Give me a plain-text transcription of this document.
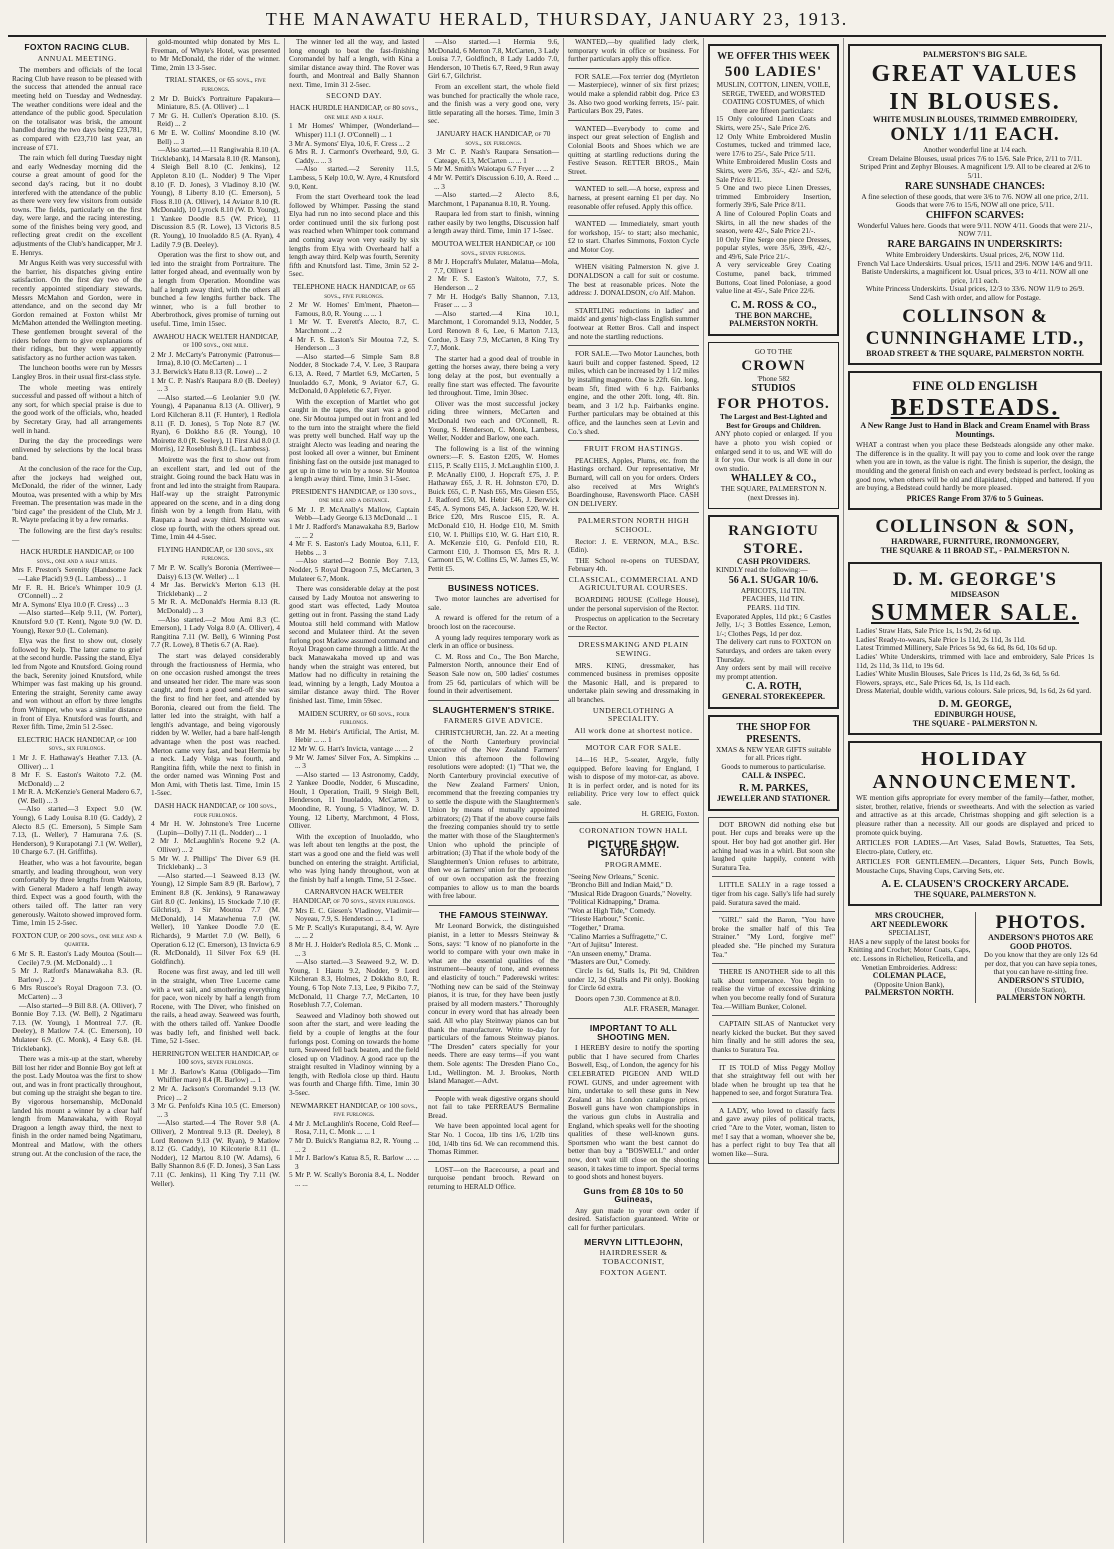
THE MANAWATU HERALD, THURSDAY, JANUARY 23, 1913.
FOXTON RACING CLUB.
ANNUAL MEETING.

The members and officials of the local Racing Club have reason to be pleased with the success that attended the annual race meeting held on Tuesday and Wednesday. The weather conditions were ideal and the attendance of the public good. Speculation on the totalisator was brisk, the amount handled during the two days being £23,781, as compared with £23,710 last year, an increase of £71.

The rain which fell during Tuesday night and early Wednesday morning did the course a great amount of good for the second day's racing, but it no doubt interfered with the attendance of the public as there were very few visitors from outside towns. The fields, particularly on the first day, were large, and the racing interesting, some of the finishes being very good, and reflecting great credit on the excellent adjustments of the Club's handicapper, Mr J. E. Henrys.

Mr Angus Keith was very successful with the barrier, his dispatches giving entire satisfaction. On the first day two of the recently appointed stipendiary stewards, Messrs McMahon and Gordon, were in attendance, and on the second day Mr Gordon remained at Foxton whilst Mr McMahon attended the Wellington meeting. These gentlemen brought several of the riders before them to give explanations of their ridings, but they were apparently satisfactory as no further action was taken.

The luncheon booths were run by Messrs Langley Bros. in their usual first-class style.

The whole meeting was entirely successful and passed off without a hitch of any sort, for which special praise is due to the good work of the officials, who, headed by Secretary Gray, had all arrangements well in hand.

During the day the proceedings were enlivened by selections by the local brass band.

At the conclusion of the race for the Cup, after the jockeys had weighed out, McDonald, the rider of the winner, Lady Moutoa, was presented with a whip by Mrs Freeman. The presentation was made in the "bird cage" the president of the Club, Mr J. R. Wayte prefacing it by a few remarks.

The following are the first day's results:—

HACK HURDLE HANDICAP, of 100 sovs., one and a half miles.

Mrs F. Preston's Serenity (Handsome Jack—Lake Placid) 9.9 (L. Lambess) ... 1

Mr F. R. H. Brice's Whimper 10.9 (J. O'Connell) ... 2

Mr A. Symons' Elya 10.0 (F. Cress) ... 3

—Also started—Kelp 9.11, (W. Porter), Knutsford 9.0 (T. Kent), Ngote 9.0 (W. D. Young), Rexer 9.0 (L. Coleman).

Elya was the first to show out, closely followed by Kelp. The latter came to grief at the second hurdle. Passing the stand, Elya led from Ngote and Knutsford. Going round the back, Serenity joined Knutsford, while Whimper was fast making up his ground. Entering the straight, Serenity came away and won without an effort by three lengths from Whimper, who was a similar distance in front of Elya. Knutsford was fourth, and Rexer fifth. Time, 2min 51 2-5sec.

ELECTRIC HACK HANDICAP, of 100 sovs., six furlongs.

1 Mr J. F. Hathaway's Heather 7.13. (A. Olliver) ... 1

8 Mr F. S. Easton's Waitoto 7.2. (M. McDonald) ... 2

1 Mr R. A. McKenzie's General Madero 6.7, (W. Bell) ... 3

—Also started—3 Expect 9.0 (W. Young), 6 Lady Louisa 8.10 (G. Caddy), 2 Alecto 8.5 (C. Emerson), 5 Simple Sam 7.13, (L. Weller), 7 Hamurana 7.6. (S. Henderson), 9 Kurapotangi 7.1 (W. Weller), 10 Charge 6.7. (H. Griffiths).

Heather, who was a hot favourite, began smartly, and leading throughout, won very comfortably by three lengths from Waitoto, with General Madero a half length away third. Expect was a good fourth, with the others tailed off. The latter ran very generously. Waitoto showed improved form. Time, 1min 15 2-5sec.

FOXTON CUP, of 200 sovs., one mile and a quarter.

6 Mr S. R. Easton's Lady Moutoa (Soult—Cecile) 7.9. (M. McDonald) ... 1

5 Mr J. Ratford's Manawakaha 8.3. (R. Barlow) ... 2

6 Mrs Ruscoe's Royal Dragoon 7.3. (O. McCarten) ... 3

—Also started—9 Bill 8.8. (A. Olliver), 7 Bonnie Boy 7.13. (W. Bell), 2 Ngatimaru 7.13. (W. Young), 1 Montreal 7.7. (R. Deeley), 8 Matlow 7.4. (C. Emerson), 10 Mulateer 6.9. (C. Monk), 4 Easy 6.8. (H. Tricklebank).

There was a mix-up at the start, whereby Bill lost her rider and Bonnie Boy got left at the post. Lady Moutoa was the first to show out, and was in front practically throughout, but coming up the straight she began to tire. By vigorous horsemanship, McDonald landed his mount a winner by a clear half length from Manawakaha, with Royal Dragoon a length away third, the next to finish in the order named being Ngatimaru, Montreal and Matlow, with the others strung out. At the conclusion of the race, the

gold-mounted whip donated by Mrs L. Freeman, of Whyte's Hotel, was presented to Mr McDonald, the rider of the winner. Time, 2min 13 3-5sec.

TRIAL STAKES, of 65 sovs., five furlongs.

2 Mr D. Buick's Portraiture Papakura—Miniature, 8.5. (A. Olliver) ... 1

7 Mr G. H. Cullen's Operation 8.10. (S. Reid) ... 2

6 Mr E. W. Collins' Moondine 8.10 (W. Bell) ... 3

—Also started.—11 Rangiwahia 8.10 (A. Tricklebank), 14 Marsala 8.10 (R. Manson), 4 Sleigh Bell 8.10 (C. Jenkins), 12 Appleton 8.10 (L. Nodder) 9 The Viper 8.10 (F. D. Jones), 3 Vladinoy 8.10 (W. Young), 8 Liberty 8.10 (C. Emerson), 5 Floss 8.10 (A. Olliver), 14 Aviator 8.10 (R. McDonald), 10 Lyrock 8.10 (W. D. Young), 1 Yankee Doodle 8.5 (W. Price), 11 Discussion 8.5 (R. Lowe), 13 Victoris 8.5 (R. Young), 10 Inuoladdo 8.5 (A. Ryan), 4 Ladily 7.9 (B. Deeley).

Operation was the first to show out, and led into the straight from Portraiture. The latter forged ahead, and eventually won by a length from Operation. Moondine was half a length away third, with the others all bunched a few lengths further back. The winner, who is a full brother to Aberbrothock, gives promise of turning out useful. Time, 1min 15sec.

AWAHOU HACK WELTER HANDICAP, of 100 sovs., one mile.

2 Mr J. McCarty's Patronymic (Patronus—Irma), 8.10 (O. McCarten) ... 1

3 J. Berwick's Hatu 8.13 (R. Lowe) ... 2

1 Mr C. P. Nash's Raupara 8.0 (B. Deeley) ... 3

—Also started.—6 Leolanier 9.0 (W. Young), 4 Papananua 8.13 (A. Olliver), 9 Lord Kilcheran 8.11 (F. Hunter), 1 Redlola 8.11 (F. D. Jones), 5 Top Note 8.7 (W. Ryan), 6 Dokkho 8.6 (R. Young), 10 Moirette 8.0 (R. Seeley), 11 First Aid 8.0 (J. Morris), 12 Roseblush 8.0 (L. Lambess).

Moirette was the first to show out from an excellent start, and led out of the straight. Going round the back Hatu was in front and led into the straight from Raupara. Half-way up the straight Patronymic appeared on the scene, and in a ding dong finish won by a length from Hatu, with Raupara a head away third. Moirette was close up fourth, with the others spread out. Time, 1min 44 4-5sec.

FLYING HANDICAP, of 130 sovs., six furlongs.

7 Mr P. W. Scally's Boronia (Merriwee—Daisy) 6.13 (W. Weller) ... 1

4 Mr Jas. Berwick's Merton 6.13 (H. Tricklebank) ... 2

5 Mr R. A. McDonald's Hermia 8.13 (R. McDonald) ... 3

—Also started.—2 Mou Ami 8.3 (C. Emerson), 1 Lady Volga 8.0 (A. Olliver), 4 Rangitina 7.11 (W. Bell), 6 Winning Post 7.7 (R. Lowe), 8 Thetis 6.7 (A. Rae).

The start was delayed considerably through the fractiousness of Hermia, who on one occasion rushed amongst the trees and unseated her rider. The mare was soon caught, and from a good send-off she was the first to find her feet, and attended by Boronia, cleared out from the field. The latter led into the straight, with half a length's advantage, and being vigorously ridden by W. Weller, had a bare half-length advantage when the post was reached. Merton came very fast, and beat Hermia by a neck. Lady Volga was fourth, and Rangitina fifth, while the next to finish in the order named was Winning Post and Mon Ami, with Thetis last. Time, 1min 15 1-5sec.

DASH HACK HANDICAP, of 100 sovs., four furlongs.

4 Mr H. W. Johnstone's Tree Lucerne (Lupin—Dolly) 7.11 (L. Nodder) ... 1

2 Mr J. McLaughlin's Rocene 9.2 (A. Olliver) ... 2

5 Mr W. J. Phillips' The Diver 6.9 (H. Tricklebank) ... 3

—Also started.—1 Seaweed 8.13 (W. Young), 12 Simple Sam 8.9 (R. Barlow), 7 Eminent 8.8 (K. Jenkins), 9 Ranawaway Girl 8.0 (C. Jenkins), 15 Stockade 7.10 (F. Gilchrist), 3 Sir Moutoa 7.7 (M. McDonald), 14 Matawhenua 7.0 (W. Weller), 10 Yankee Doodle 7.0 (E. Richards), 9 Martlet 7.0 (W. Bell), 6 Operation 6.12 (C. Emerson), 13 Invicta 6.9 (R. McDonald), 11 Silver Fox 6.9 (H. Goldfinch).

Rocene was first away, and led till well in the straight, when Tree Lucerne came with a wet sail, and smothering everything for pace, won nicely by half a length from Rocene, with The Diver, who finished on the rails, a head away. Seaweed was fourth, with the others tailed off. Yankee Doodle was badly left, and finished well back. Time, 52 1-5sec.

HERRINGTON WELTER HANDICAP, of 100 sovs, seven furlongs.

1 Mr J. Barlow's Katua (Obligado—Tim Whiffler mare) 8.4 (R. Barlow) ... 1

2 Mr A. Jackson's Coromandel 9.13 (W. Price) ... 2

3 Mr G. Penfold's Kina 10.5 (C. Emerson) ... 3

—Also started.—4 The Rover 9.8 (A. Olliver), 2 Montreal 9.13 (R. Deeley), 8 Lord Renown 9.13 (W. Ryan), 9 Matlow 8.12 (G. Caddy), 10 Kilcoterie 8.11 (L. Nodder), 12 Martou 8.10 (W. Adams), 6 Bally Shannon 8.6 (F. D. Jones), 3 San Lass 7.11 (C. Jenkins), 11 King Try 7.11 (W. Weller).

The winner led all the way, and lasted long enough to beat the fast-finishing Coromandel by half a length, with Kina a similar distance away third. The Rover was fourth, and Montreal and Bally Shannon next. Time, 1min 31 2-5sec.

SECOND DAY.
HACK HURDLE HANDICAP, of 80 sovs., one mile and a half.

1 Mr Homes' Whimper, (Wonderland—Whisper) 11.1 (J. O'Connell) ... 1

3 Mr A. Symons' Elya, 10.6, F. Cress ... 2

6 Mrs R. J. Carmont's Overheard, 9.0, G. Caddy... ... 3

—Also started.—2 Serenity 11.5, Lambess, 5 Kelp 10.0, W. Ayre, 4 Knutsford 9.0, Kent.

From the start Overheard took the lead followed by Whimper. Passing the stand Elya had run no into second place and this order continued until the six furlong post was reached when Whimper took command and coming away won very easily by six lengths from Elya with Overheard half a length away third. Kelp was fourth, Serenity fifth and Knutsford last. Time, 3min 52 2-5sec.

TELEPHONE HACK HANDICAP, of 65 sovs., five furlongs.

2 Mr W. Homes' Em'ment, Phaeton—Famous, 8.0, R. Young ... ... 1

1 Mr W. T. Everett's Alecto, 8.7, C. Marchmont ... 2

4 Mr F. S. Easton's Sir Moutoa 7.2, S. Henderson ... 3

—Also started—6 Simple Sam 8.8 Nodder, 8 Stockade 7.4, V. Lee, 3 Raupara 6.13, A. Reed, 7 Martlet 6.9, McCarten, 5 Inuoladdo 6.7, Monk, 9 Aviator 6.7, G. McDonald, 0 Appleletic 6.7, Fryer.

With the exception of Martlet who got caught in the tapes, the start was a good one. Sir Moutoa jumped out in front and led to the turn into the straight where the field was pretty well bunched. Half way up the straight Alecto was leading and nearing the post looked all over a winner, but Eminent finishing fast on the outside just managed to get up in time to win by a nose. Sir Moutoa a length away third. Time, 1min 3 1-5sec.

PRESIDENT'S HANDICAP, of 130 sovs., one mile and a distance.

6 Mr J. P. McAnally's Mallow, Captain Webb—Lady George 6.13 McDonald ... 1

1 Mr J. Radford's Manawakaha 8.9, Barlow ... ... 2

4 Mr F. S. Easton's Lady Moutoa, 6.11, F. Hebbs ... 3

—Also started—2 Bonnie Boy 7.13, Nodder, 5 Royal Dragoon 7.5, McCarten, 3 Mulateer 6.7, Monk.

There was considerable delay at the post caused by Lady Moutoa not answering to good start was effected, Lady Moutoa getting out in front. Passing the stand Lady Moutoa still held command with Matlow second and Mulateer third. At the seven furlong post Matlow assumed command and Royal Dragoon came through a little. At the back Manawakaha moved up and was handy when the straight was entered, but Matlow had no difficulty in retaining the lead, winning by a length, Lady Moutoa a similar distance away third. The Rover finished last. Time, 1min 59sec.

MAIDEN SCURRY, of 60 sovs., four furlongs.

8 Mr M. Hebir's Artificial, The Artist, M. Hebir ... ... 1

12 Mr W. G. Hart's Invicta, vantage ... ... 2

9 Mr W. James' Silver Fox, A. Simpkins ... ... 3

—Also started — 13 Astronomy, Caddy, 2 Yankee Doodle, Nodder, 6 Muscadine, Hoult, 1 Operation, Traill, 9 Sleigh Bell, Henderson, 11 Inuoladdo, McCarten, 3 Moondine, R. Young, 5 Vladinoy, W. D. Young, 12 Liberty, Marchmont, 4 Floss, Olliver.

With the exception of Inuoladdo, who was left about ten lengths at the post, the start was a good one and the field was well bunched on entering the straight. Artificial, who was lying handy throughout, won at the finish by half a length. Time, 51 2-5sec.

CARNARVON HACK WELTER HANDICAP, of 70 sovs., seven furlongs.

7 Mrs E. C. Giesen's Vladinoy, Vladimir—Noyeau, 7.9, S. Henderson ... ... 1

5 Mr P. Scally's Kuraputangi, 8.4, W. Ayre ... ... 2

8 Mr H. J. Holder's Redlola 8.5, C. Monk ... ... 3

—Also started.—3 Seaweed 9.2, W. D. Young, 1 Hautu 9.2, Nodder, 9 Lord Kilcheran 8.3, Holmes, 2 Dokkho 8.0, R. Young, 6 Top Note 7.13, Lee, 9 Pikibo 7.7, McDonald, 11 Charge 7.7, McCarten, 10 Roseblush 7.7, Coleman.

Seaweed and Vladinoy both showed out soon after the start, and were leading the field by a couple of lengths at the four furlongs post. Coming on towards the home turn, Seaweed fell back beaten, and the field closed up on Vladinoy. A good race up the straight resulted in Vladinoy winning by a length, with Redlola close up third. Hautu was fourth and Charge fifth. Time, 1min 30 3-5sec.

NEWMARKET HANDICAP, of 100 sovs., five furlongs.

4 Mr J. McLaughlin's Rocene, Cold Reef—Rosa, 7.11, C. Monk ... ... 1

7 Mr D. Buick's Rangiatua 8.2, R. Young ... ... 2

1 Mr J. Barlow's Katua 8.5, R. Barlow ... ... 3

5 Mr P. W. Scally's Boronia 8.4, L. Nodder ... ...

—Also started.—1 Hermia 9.6, McDonald, 6 Merton 7.8, McCarten, 3 Lady Louisa 7.7, Goldfinch, 8 Lady Laddo 7.0, Henderson, 10 Thetis 6.7, Reed, 9 Run away Girl 6.7, Gilchrist.

From an excellent start, the whole field was bunched for practically the whole race, and the finish was a very good one, very little separating all the horses. Time, 1min 3 sec.

JANUARY HACK HANDICAP, of 70 sovs., six furlongs.

3 Mr C. P. Nash's Raupara Sensation—Cateage, 6.13, McCarten ... ... 1

5 Mr M. Smith's Waiotapu 6.7 Fryer ... ... 2

4 Mr W. Pettit's Discussion 6.10, A. Reed ... ... 3

—Also started.—2 Alecto 8.6, Marchmont, 1 Papananua 8.10, R. Young.

Raupara led from start to finish, winning rather easily by two lengths, Discussion half a length away third. Time, 1min 17 1-5sec.

MOUTOA WELTER HANDICAP, of 100 sovs., seven furlongs.

8 Mr J. Hopcraft's Mulater, Malatua—Mola, 7.7, Olliver 1

2 Mr F. S. Easton's Waitoto, 7.7, S. Henderson ... 2

7 Mr H. Hodge's Bally Shannon, 7.13, Fraser ... ... 3

—Also started.—4 Kina 10.1, Marchmont, 1 Coromandel 9.13, Nodder, 5 Lord Renown 8 6, Lee, 6 Marton 7.13, Cordue, 3 Easy 7.9, McCarten, 8 King Try 7.7, Monk.

The starter had a good deal of trouble in getting the horses away, there being a very long delay at the post, but eventually a really fine start was effected. The favourite led throughout. Time, 1min 30sec.

Oliver was the most successful jockey riding three winners, McCarten and McDonald two each and O'Connell, R. Young, S. Henderson, C. Monk, Lambess, Weller, Nodder and Barlow, one each.

The following is a list of the winning owners:—F. S. Easton £205, W. Homes £115, P. Scally £115, J. McLaughlin £100, J. P. McAnally £100, J. Hopcraft £75, J. P. Hathaway £65, J. R. H. Johnston £70, D. Buick £65, C. P. Nash £65, Mrs Giesen £55, J. Radford £50, M. Hebir £46, J. Berwick £45, A. Symons £45, A. Jackson £20, W. H. Brice £20, Mrs Ruscoe £15, R. A. McDonald £10, H. Hodge £10, M. Smith £10, W. I. Phillips £10, W. G. Hart £10, R. A. McKenzie £10, G. Penfold £10, R. Carmont £10, J. Thomson £5, Mrs R. J. Carmont £5, W. Collins £5, W. James £5, W. Pettit £5.

BUSINESS NOTICES.

Two motor launches are advertised for sale.

A reward is offered for the return of a brooch lost on the racecourse.

A young lady requires temporary work as clerk in an office or business.

C. M. Ross and Co., The Bon Marche, Palmerston North, announce their End of Season Sale now on, 500 ladies' costumes from 25 6d, particulars of which will be found in their advertisement.

SLAUGHTERMEN'S STRIKE.
FARMERS GIVE ADVICE.

CHRISTCHURCH, Jan. 22. At a meeting of the North Canterbury provincial executive of the New Zealand Farmers' Union this afternoon the following resolutions were adopted: (1) "That we, the North Canterbury provincial executive of the New Zealand Farmers' Union, recommend that the freezing companies try to settle the dispute with the Slaughtermen's Union by means of mutually appointed arbitrators; (2) That if the above course fails the freezing companies should try to settle the matter with those of the Slaughtermen's Union who uphold the principle of arbitration; (3) That if the whole body of the Slaughtermen's Union refuses to arbitrate, then we as farmers' union for the protection of our own occupation ask the freezing companies to allow us to man the boards with free labour.

THE FAMOUS STEINWAY.

Mr Leonard Borwick, the distinguished pianist, in a letter to Messrs Steinway & Sons, says: "I know of no pianoforte in the world to compare with your own make in what are the essential qualities of the instrument—beauty of tone, and evenness and elasticity of touch." Paderewski writes: "Nothing new can be said of the Steinway pianos, it is true, for they have been justly praised by all modern masters." Thoroughly concur in every word that has already been said. All who play Steinway pianos can but thank the manufacturer. Write to-day for particulars of the famous Steinway pianos. "The Dresden" caters specially for your needs. There are easy terms—if you want them. Sole agents: The Dresden Piano Co., Ltd., Wellington. M. J. Brookes, North Island Manager.—Advt.

People with weak digestive organs should not fail to take PERREAU'S Bermaline Bread.

We have been appointed local agent for Star No. 1 Cocoa, 1lb tins 1/6, 1/2lb tins 10d, 1/4lb tins 6d. We can recommend this. Thomas Rimmer.

LOST—on the Racecourse, a pearl and turquoise pendant brooch. Reward on returning to HERALD Office.

WANTED,—by qualified lady clerk, temporary work in office or business. For further particulars apply this office.

FOR SALE.—Fox terrier dog (Myrtleton — Masterpiece), winner of six first prizes; would make a splendid rabbit dog. Price £3 3s. Also two good working ferrets, 15/- pair. Particulars Box 29, Pates.

WANTED—Everybody to come and inspect our great selection of English and Colonial Boots and Shoes which we are quitting at startling reductions during the Festive Season. RETTER BROS., Main Street.

WANTED to sell.—A horse, express and harness, at present earning £1 per day. No reasonable offer refused. Apply this office.

WANTED — Immediately, smart youth for workshop, 15/- to start; also mechanic, £2 to start. Charles Simmons, Foxton Cycle and Motor Coy.

WHEN visiting Palmerston N. give J. DONALDSON a call for suit or costume. The best at reasonable prices. Note the address: J. DONALDSON, c/o Alf. Mahon.

STARTLING reductions in ladies' and maids' and gents' high-class English summer footwear at Retter Bros. Call and inspect and note the startling reductions.

FOR SALE.—Two Motor Launches, both kauri built and copper fastened. Speed, 12 miles, which can be increased by 1 1/2 miles by installing magneto. One is 22ft. 6in. long, beam 5ft, fitted with 6 h.p. Fairbanks engine, and the other 20ft. long, 4ft. 8in. beam, and 3 1/2 h.p. Fairbanks engine. Further particulars may be obtained at this office, and the launches seen at Levin and Co.'s shed.

FRUIT FROM HASTINGS.

PEACHES, Apples, Plums, etc. from the Hastings orchard. Our representative, Mr Burnard, will call on you for orders. Orders also received at Mrs Wright's Boardinghouse, Ravensworth Place. CASH ON DELIVERY.

PALMERSTON NORTH HIGH SCHOOL.

Rector: J. E. VERNON, M.A., B.Sc. (Edin).

THE School re-opens on TUESDAY, February 4th.

CLASSICAL, COMMERCIAL AND AGRICULTURAL COURSES.

BOARDING HOUSE (College House), under the personal supervision of the Rector.

Prospectus on application to the Secretary or the Rector.

DRESSMAKING AND PLAIN SEWING.

MRS. KING, dressmaker, has commenced business in premises opposite the Masonic Hall, and is prepared to undertake plain sewing and dressmaking in all branches.

UNDERCLOTHING A SPECIALITY.
All work done at shortest notice.
MOTOR CAR FOR SALE.

14—16 H.P., 5-seater, Argyle, fully equipped. Before leaving for England, I wish to dispose of my motor-car, as above. It is in perfect order, and is noted for its reliability. Price very low to effect quick sale.

H. GREIG, Foxton.
CORONATION TOWN HALL
PICTURE SHOW. SATURDAY!
PROGRAMME.
"Seeing New Orleans," Scenic.
"Broncho Bill and Indian Maid," D.
"Musical Ride Dragoon Guards," Novelty.
"Political Kidnapping," Drama.
"Won at High Tide," Comedy.
"Trieste Harbour," Scenic.
"Together," Drama.
"Calino Marries a Suffragette," C.
"Art of Jujitsu" Interest.
"An unseen enemy," Drama.
"Masters are Out," Comedy.

Circle 1s 6d, Stalls 1s, Pit 9d, Children under 12, 3d (Stalls and Pit only). Booking for Circle 6d extra.

Doors open 7.30. Commence at 8.0.

ALF. FRASER, Manager.
IMPORTANT TO ALL SHOOTING MEN.

I HEREBY desire to notify the sporting public that I have secured from Charles Boswell, Esq., of London, the agency for his CELEBRATED PIGEON AND WILD FOWL GUNS, and under agreement with him, undertake to sell these guns in New Zealand at his London catalogue prices. Boswell guns have won championships in the various gun clubs in Australia and England, which speaks well for the shooting qualities of these well-known guns. Sportsmen who want the best cannot do better than buy a "BOSWELL" and order now, don't wait till close on the shooting season, it takes time to import. Special terms to good shots and honest buyers.

Guns from £8 10s to 50 Guineas,

Any gun made to your own order if desired. Satisfaction guaranteed. Write or call for further particulars.

MERVYN LITTLEJOHN,
HAIRDRESSER & TOBACCONIST,
FOXTON AGENT.
WE OFFER THIS WEEK
500 LADIES'
MUSLIN, COTTON, LINEN, VOILE, SERGE, TWEED, and WORSTED COATING COSTUMES, of which there are fifteen particulars:
15 Only coloured Linen Coats and Skirts, were 25/-, Sale Price 2/6.
12 Only White Embroidered Muslin Costumes, tucked and trimmed lace, were 17/6 to 25/-, Sale Price 5/11.
White Embroidered Muslin Costs and Skirts, were 25/6, 35/-, 42/- and 52/6, Sale Price 8/11.
5 One and two piece Linen Dresses, trimmed Embroidery Insertion, formerly 39/6, Sale Price 8/11.
A line of Coloured Poplin Coats and Skirts, in all the new shades of the season, were 42/-, Sale Price 21/-.
10 Only Fine Serge one piece Dresses, popular styles, were 35/6, 39/6, 42/-, and 49/6, Sale Price 21/-.
A very serviceable Grey Coating Costume, panel back, trimmed Buttons, Coat lined Poloniase, a good value line at 45/-, Sale Price 22/6.
C. M. ROSS & CO.,
THE BON MARCHE,
PALMERSTON NORTH.
GO TO THE
CROWN
'Phone 582
STUDIOS
FOR PHOTOS.
The Largest and Best-Lighted and Best for Groups and Children.
ANY photo copied or enlarged. If you have a photo you wish copied or enlarged send it to us, and WE will do it for you. Our work is all done in our own studio.
WHALLEY & CO.,
THE SQUARE, PALMERSTON N. (next Dresses in).
RANGIOTU STORE.
CASH PROVIDERS.
KINDLY read the following:—
56 A.1. SUGAR 10/6.
APRICOTS, 11d TIN.
PEACHES, 11d TIN.
PEARS. 11d TIN.
Evaporated Apples, 11d pkt.; 6 Castles Jelly, 1/-; 3 Bottles Essence, Lemon, 1/-; Clothes Pegs, 1d per doz.
The delivery cart runs to FOXTON on Saturdays, and orders are taken every Thursday.
Any orders sent by mail will receive my prompt attention.
C. A. ROTH,
GENERAL STOREKEEPER.
THE SHOP FOR PRESENTS.
XMAS & NEW YEAR GIFTS suitable for all. Prices right.
Goods to numerous to particularise.
CALL & INSPEC.
R. M. PARKES,
JEWELLER AND STATIONER.

DOT BROWN did nothing else but pout. Her cups and breaks were up the spout. Her boy had got another girl. Her aching head was in a whirl. But soon she laughed quite happily, content with Suratura Tea.

LITTLE SALLY in a rage tossed a tiger from his cage. Sally's life had surely paid. Suratura saved the maid.

"GIRL" said the Baron, "You have broke the smaller half of this Tea Strainer." "My Lord, forgive me!" pleaded she. "He pinched my Suratura Tea."

THERE IS ANOTHER side to all this talk about temperance. You begin to realise the virtue of excessive drinking when you become really fond of Suratura Tea.—William Bunker, Colonel.

CAPTAIN SILAS of Nantucket very nearly kicked the bucket. But they saved him finally and he still adores the sea, thanks to Suratura Tea.

IT IS TOLD of Miss Peggy Molloy that she straightway fell out with her blade when he brought up tea that he happened to see, and forgot Suratura Tea.

A LADY, who loved to classify facts and gave away piles of political tracts, cried "Are to the Voter, woman, listen to me! I say that a woman, whoever she be, has a perfect right to buy Tea that all women like—Sura.

PALMERSTON'S BIG SALE.
GREAT VALUES
IN BLOUSES.
WHITE MUSLIN BLOUSES, TRIMMED EMBROIDERY,
ONLY 1/11 EACH.
Another wonderful line at 1/4 each.
Cream Delaine Blouses, usual prices 7/6 to 15/6. Sale Price, 2/11 to 7/11.
Striped Print and Zephyr Blouses. A magnificent 1/9. All to be cleared at 2/6 to 5/11.
RARE SUNSHADE CHANCES:
A fine selection of these goods, that were 3/6 to 7/6. NOW all one price, 2/11. Goods that were 7/6 to 15/6, NOW all one price, 5/11.
CHIFFON SCARVES:
Wonderful Values here. Goods that were 9/11. NOW 4/11. Goods that were 21/-, NOW 7/11.
RARE BARGAINS IN UNDERSKIRTS:
White Embroidery Underskirts. Usual prices, 2/6, NOW 11d.
French Val Lace Underskirts. Usual prices, 15/11 and 29/6. NOW 14/6 and 9/11.
Batiste Underskirts, a magnificent lot. Usual prices, 3/3 to 4/11. NOW all one price, 1/11 each.
White Princess Underskirts. Usual prices, 12/3 to 33/6. NOW 11/9 to 26/9.
Send Cash with order, and allow for Postage.
COLLINSON & CUNNINGHAME LTD.,
BROAD STREET & THE SQUARE, PALMERSTON NORTH.
FINE OLD ENGLISH
BEDSTEADS.
A New Range Just to Hand in Black and Cream Enamel with Brass Mountings.
WHAT a contrast when you place these Bedsteads alongside any other make. The difference is in the quality. It will pay you to come and look over the range when you are in town, as the value is right. The finish is superior, the design, the moulding and the general finish on each and every bedstead is perfect, looking as good now, when others will be old and dilapidated, chipped and battered. If you are buying, a Bedstead could hardly be more pleased.
PRICES Range From 37/6 to 5 Guineas.
COLLINSON & SON,
HARDWARE, FURNITURE, IRONMONGERY,
THE SQUARE & 11 BROAD ST., - PALMERSTON N.
D. M. GEORGE'S
MIDSEASON
SUMMER SALE.
Ladies' Straw Hats, Sale Price 1s, 1s 9d, 2s 6d up.
Ladies' Ready-to-wears, Sale Price 1s 11d, 2s 11d, 3s 11d.
Latest Trimmed Millinery, Sale Prices 5s 9d, 6s 6d, 8s 6d, 10s 6d up.
Ladies' White Underskirts, trimmed with lace and embroidery, Sale Prices 1s 11d, 2s 11d, 3s 11d, to 19s 6d.
Ladies' White Muslin Blouses, Sale Prices 1s 11d, 2s 6d, 3s 6d, 5s 6d.
Flowers, sprays, etc., Sale Prices 6d, 1s, 1s 11d each.
Dress Material, double width, various colours. Sale prices, 9d, 1s 6d, 2s 6d yard.
D. M. GEORGE,
EDINBURGH HOUSE,
THE SQUARE - PALMERSTON N.
HOLIDAY ANNOUNCEMENT.
WE mention gifts appropriate for every member of the family—father, mother, sister, brother, relative, friends or sweethearts. And with the selection as varied and attractive as at this arcade, Christmas shopping and gift selection is a pleasure rather than a necessity. All our goods are displayed and priced to promote quick buying.
ARTICLES FOR LADIES.—Art Vases, Salad Bowls, Statuettes, Tea Sets, Electro-plate, Cutlery, etc.
ARTICLES FOR GENTLEMEN.—Decanters, Liquer Sets, Punch Bowls, Moustache Cups, Shaving Cups, Carving Sets, etc.
A. E. CLAUSEN'S CROCKERY ARCADE.
THE SQUARE, PALMERSTON N.
MRS CROUCHER,
ART NEEDLEWORK
SPECIALIST,
HAS a new supply of the latest books for Knitting and Crochet; Motor Coats, Caps, etc. Lessons in Richelieu, Reticella, and Venetian Embroideries. Address:
COLEMAN PLACE,
(Opposite Union Bank),
PALMERSTON NORTH.
PHOTOS.
ANDERSON'S PHOTOS ARE GOOD PHOTOS.
Do you know that they are only 12s 6d per doz, that you can have sepia tones, that you can have re-sitting free.
ANDERSON'S STUDIO,
(Outside Station),
PALMERSTON NORTH.
